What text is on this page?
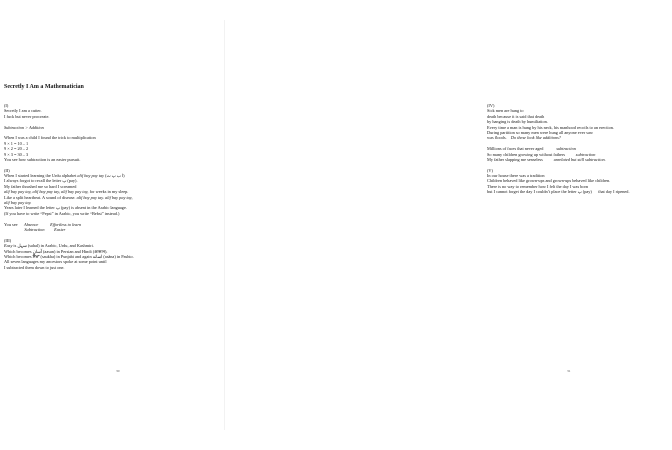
Secretly I Am a Mathematician
(I)
Secretly I am a cutter.
I fuck but never procreate.
Subtraction > Addition
When I was a child I found the trick to multiplication
9 × 1 = 10 – 1
9 × 2 = 20 – 2
9 × 3 = 30 – 3
You see how subtraction is an easier pursuit.
(II)
When I started learning the Urdu alphabet alif bay pay tay (ا ب پ ت)
I always forgot to recall the letter پ (pay).
My father thrashed me so hard I screamed
alif bay pay tay, alif bay pay tay, alif bay pay tay, for weeks in my sleep.
Like a split heartbeat. A sound of disease. alif bay pay tay. alif bay pay tay,
alif bay pay tay.
Years later I learned the letter پ (pay) is absent in the Arabic language.
(If you have to write “Pepsi” in Arabic, you write “Bebsi” instead.)
You see      Absence           Effortless to learn
Subtraction         Easier
(III)
Easy is سہل (sahal) in Arabic, Urdu, and Kashmiri.
Which becomes آسان (aasan) in Persian and Hindi (आसान).
Which becomes ਸੌਖਾ (saukha) in Punjabi and again اسانه (asāna) in Pashto.
All seven languages my ancestors spoke at some point until
I subtracted them down to just one.
30
(IV)
Sick men are hung to
death because it is said that death
by hanging is death by humiliation.
Every time a man is hung by his neck, his manhood recoils to an erection.
During partition so many men were hung all anyone ever saw
was floods.    Do these look like additions?
Millions of faces that never aged            subtraction
So many children growing up without fathers          subtraction
My father slapping me senseless          unrelated but still subtraction.
(V)
In our house there was a tradition
Children behaved like grown-ups and grown-ups behaved like children.
There is no way to remember how I felt the day I was born
but I cannot forget the day I couldn’t place the letter پ (pay)      that day I ripened.
31
